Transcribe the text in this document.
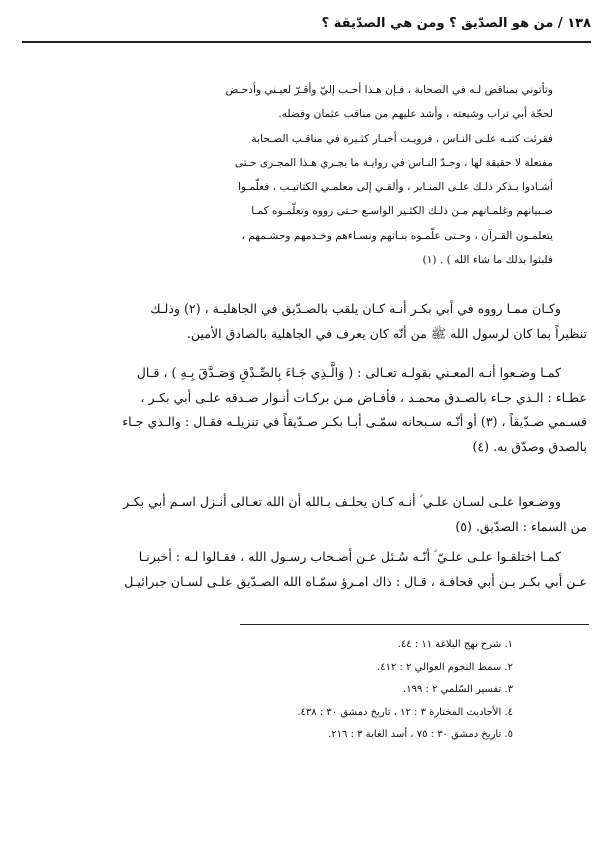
١٣٨ / من هو الصدّيق ؟ ومن هي الصدّيقة ؟
وتأتوني بمناقض لـه في الصحابة ، فـإن هـذا أحـب إليّ وأقـرّ لعيـني وأدحـض
لحجّة أبي تراب وشيعته ، وأشد عليهم من مناقب عثمان وفضله.
فقرئت كتبـه علـى النـاس ، فرويـت أخبـار كثـيرة في مناقـب الصـحابة
مفتعلة لا حقيقة لها ، وجـدّ النـاس في روايـة ما يجـري هـذا المجـرى حـتى
أشـادوا بـذكر ذلـك علـى المنـابر ، وألقـي إلى معلمـي الكتاتيـب ، فعلّمـوا
صـبيانهم وغلمـانهم مـن ذلـك الكثـير الواسـع حـتى رووه وتعلّمـوه كمـا
يتعلمـون القـرآن ، وحـتى علّمـوه بنـاتهم ونسـاءهم وخـدمهم وحشـمهم ،
فلبثوا بذلك ما شاء الله ) . (١)
وكـان ممـا رووه في أبي بكـر أنـه كـان يلقب بالصـدّيق في الجاهليـة ، (٢) وذلـك
تنظيراً بما كان لرسول الله ﷺ من أنّه كان يعرف في الجاهلية بالصادق الأمين.
كمـا وضـعوا أنـه المعـني بقولـه تعـالى : ( وَالَّـذِي جَـاءَ بِالصِّـدْقِ وَصَـدَّقَ بِـهِ ) ، قـال
عطـاء : الـذي جـاء بالصـدق محمـد ، فأفـاض مـن بركـات أنـوار صـدقه علـى أبي بكـر ،
فسـمي صـدّيقاً ، (٣) أو أنّـه سـبحانه سمّـى أبـا بكـر صـدّيقاً في تنزيلـه فقـال : والـذي جـاء
بالصدق وصدّق به. (٤)
ووضـعوا علـى لسـان علـي ؑ أنـه كـان يحلـف بـالله أن الله تعـالى أنـزل اسـم أبي بكـر
من السماء : الصدّيق. (٥)
كمـا اختلقـوا علـى علـيّ ؑ أنّـه سُـئل عـن أصـحاب رسـول الله ، فقـالوا لـه : أخبرنـا
عـن أبي بكـر بـن أبي قحافـة ، قـال : ذاك امـرؤ سمّـاه الله الصـدّيق علـى لسـان جبرائيـل
١. شرح نهج البلاغة ١١ : ٤٤.
٢. سمط النجوم العوالي ٢ : ٤١٢.
٣. تفسير السّلمي ٢ : ١٩٩.
٤. الأحاديث المختارة ٣ : ١٢ ، تاريخ دمشق ٣٠ : ٤٣٨.
٥. تاريخ دمشق ٣٠ : ٧٥ ، أسد الغابة ٣ : ٢١٦.
